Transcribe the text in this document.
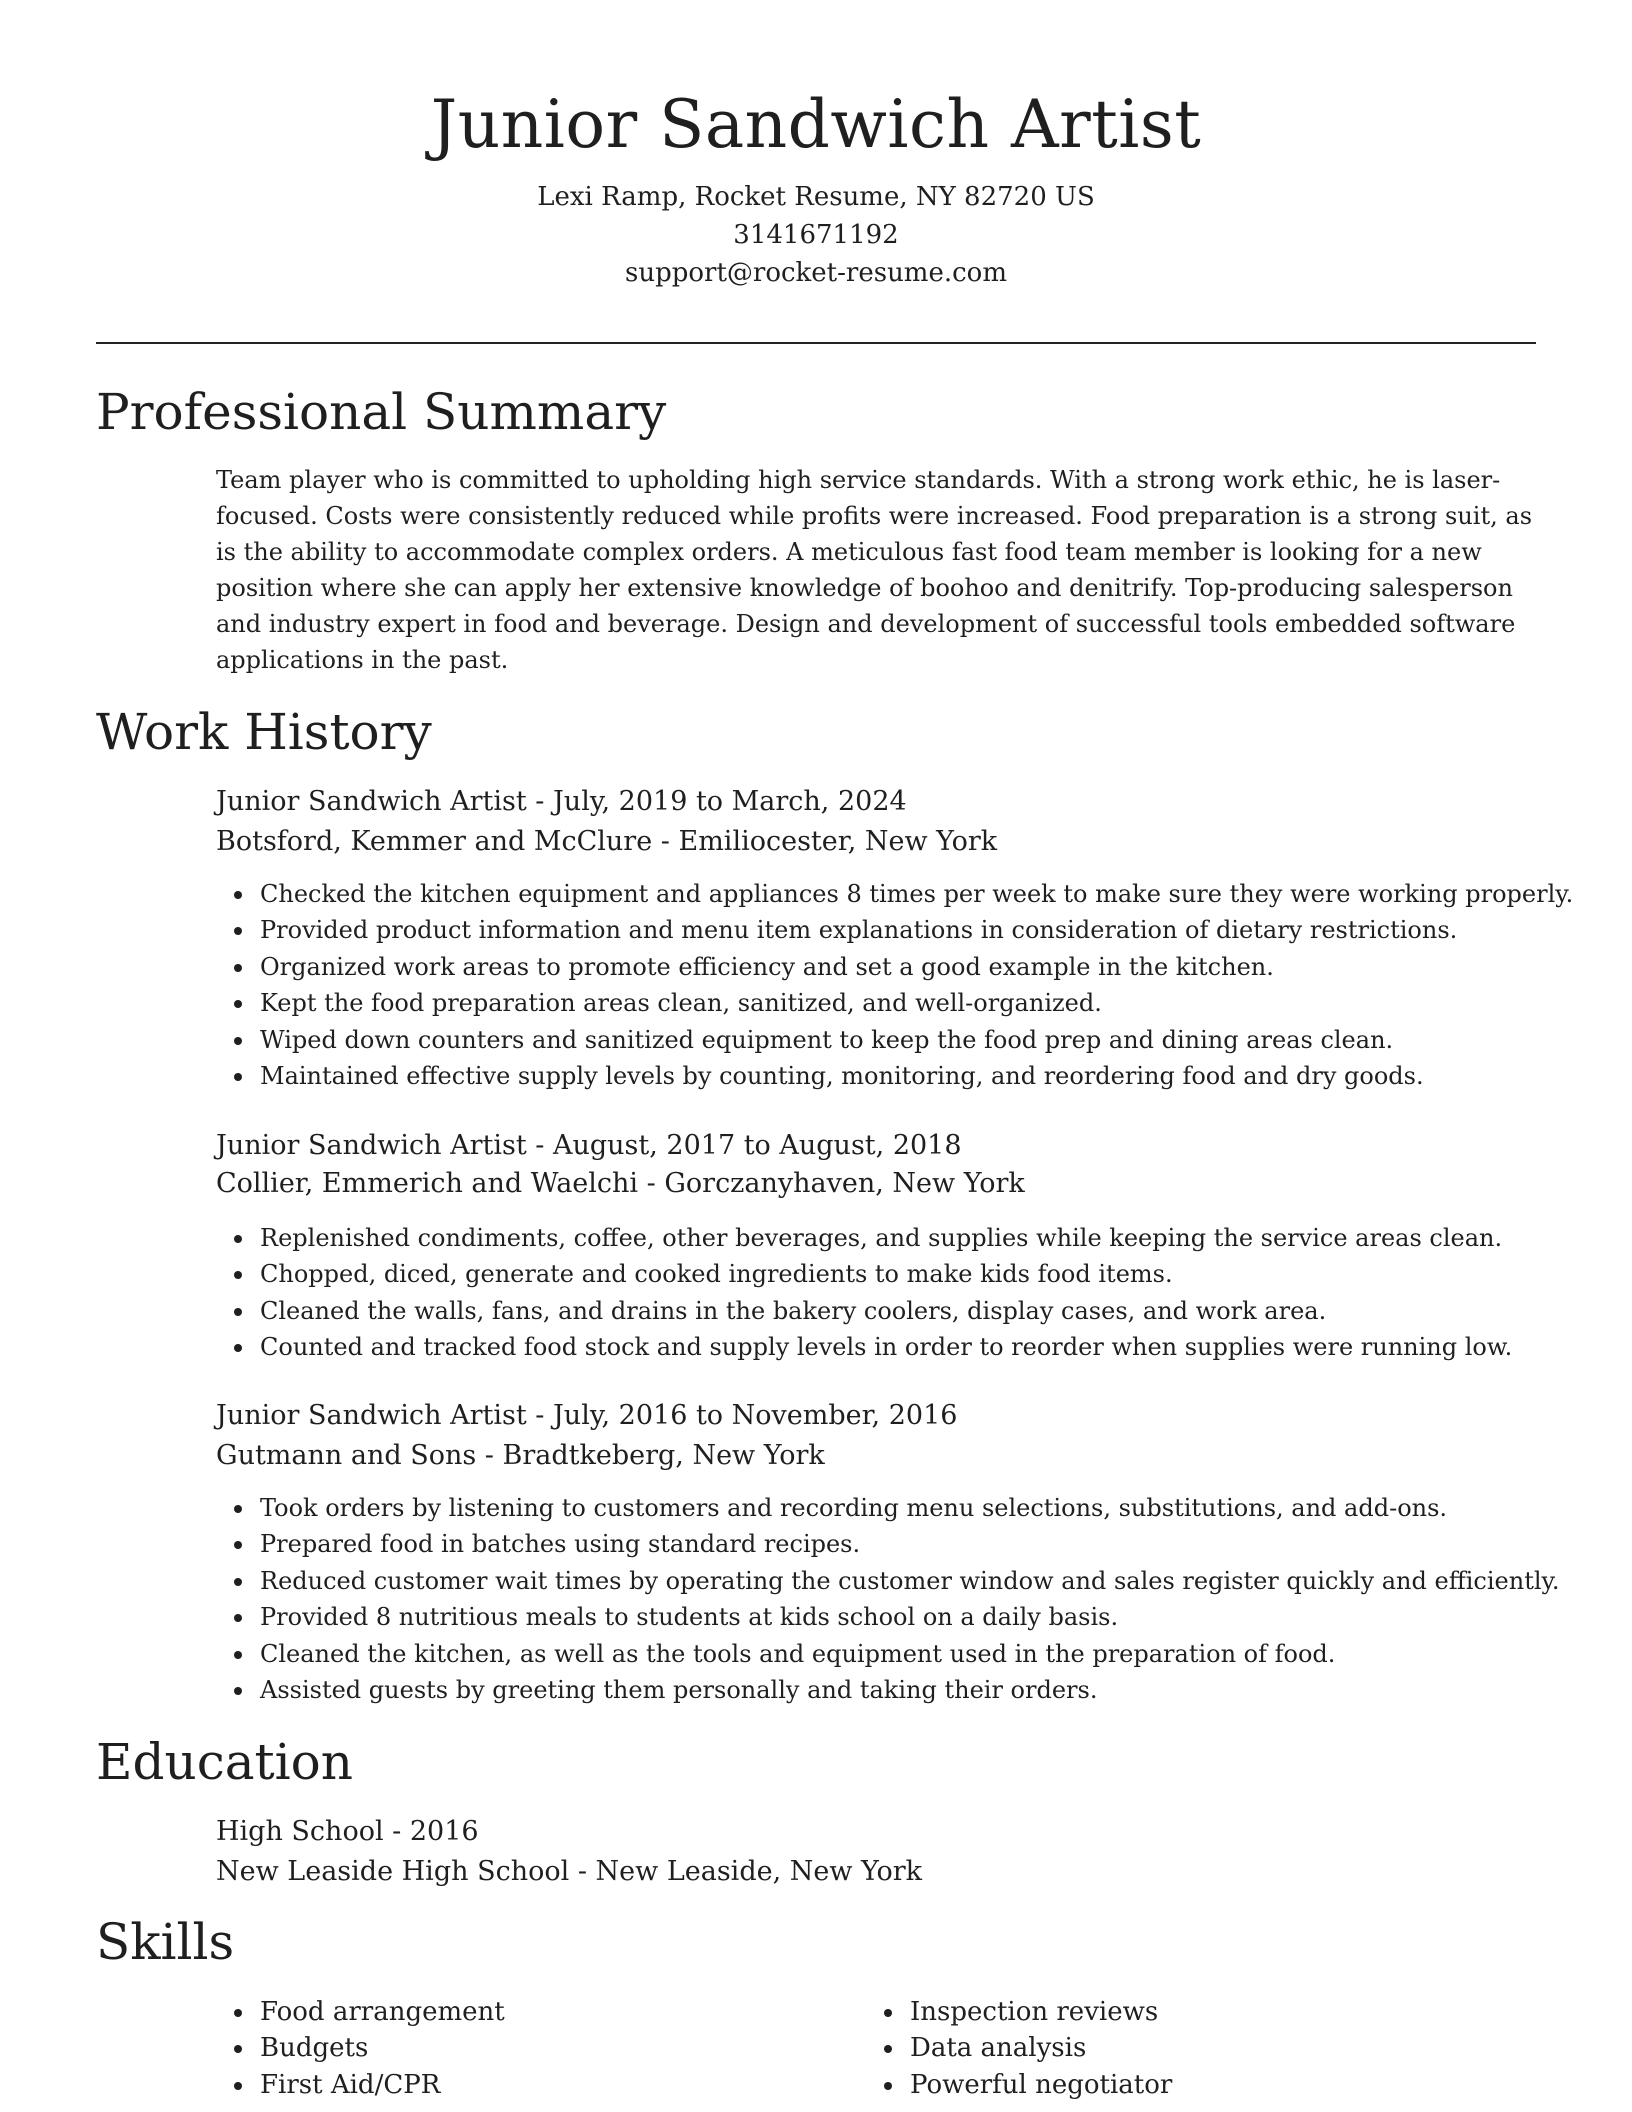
Junior Sandwich Artist

Lexi Ramp, Rocket Resume, NY 82720 US

3141671192

support@rocket-resume.com

Professional Summary

Team player who is committed to upholding high service standards. With a strong work ethic, he is laser-focused. Costs were consistently reduced while profits were increased. Food preparation is a strong suit, as is the ability to accommodate complex orders. A meticulous fast food team member is looking for a new position where she can apply her extensive knowledge of boohoo and denitrify. Top-producing salesperson and industry expert in food and beverage. Design and development of successful tools embedded software applications in the past.

Work History
Junior Sandwich Artist - July, 2019 to March, 2024
Botsford, Kemmer and McClure - Emiliocester, New York
Checked the kitchen equipment and appliances 8 times per week to make sure they were working properly.
Provided product information and menu item explanations in consideration of dietary restrictions.
Organized work areas to promote efficiency and set a good example in the kitchen.
Kept the food preparation areas clean, sanitized, and well-organized.
Wiped down counters and sanitized equipment to keep the food prep and dining areas clean.
Maintained effective supply levels by counting, monitoring, and reordering food and dry goods.
Junior Sandwich Artist - August, 2017 to August, 2018
Collier, Emmerich and Waelchi - Gorczanyhaven, New York
Replenished condiments, coffee, other beverages, and supplies while keeping the service areas clean.
Chopped, diced, generate and cooked ingredients to make kids food items.
Cleaned the walls, fans, and drains in the bakery coolers, display cases, and work area.
Counted and tracked food stock and supply levels in order to reorder when supplies were running low.
Junior Sandwich Artist - July, 2016 to November, 2016
Gutmann and Sons - Bradtkeberg, New York
Took orders by listening to customers and recording menu selections, substitutions, and add-ons.
Prepared food in batches using standard recipes.
Reduced customer wait times by operating the customer window and sales register quickly and efficiently.
Provided 8 nutritious meals to students at kids school on a daily basis.
Cleaned the kitchen, as well as the tools and equipment used in the preparation of food.
Assisted guests by greeting them personally and taking their orders.
Education
High School - 2016
New Leaside High School - New Leaside, New York
Skills
Food arrangement
Budgets
First Aid/CPR
Inspection reviews
Data analysis
Powerful negotiator
